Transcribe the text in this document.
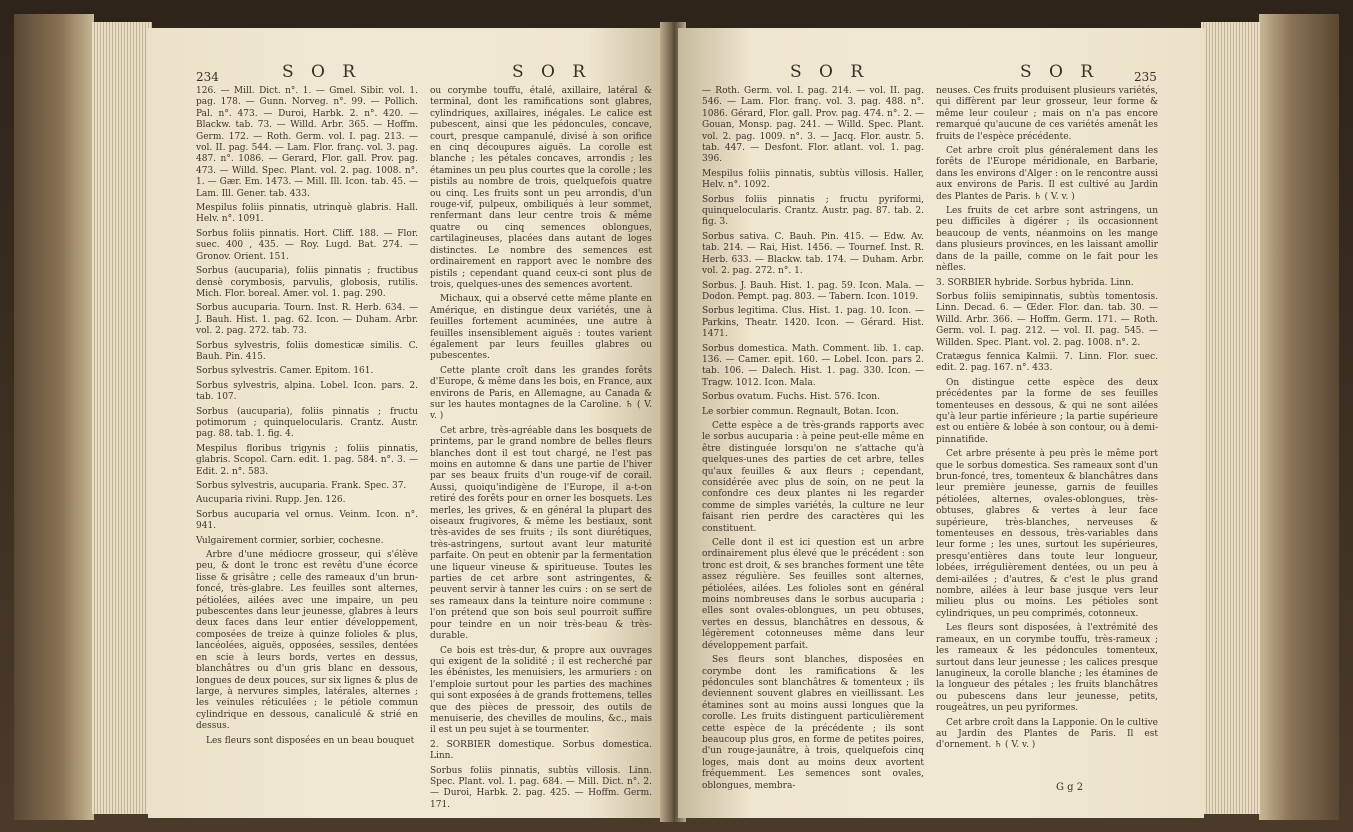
234	S O R	S O R

126. — Mill. Dict. n°. 1. — Gmel. Sibir. vol. 1. pag. 178. — Gunn. Norveg. n°. 99. — Pollich. Pal. n°. 473. — Duroi, Harbk. 2. n°. 420. — Blackw. tab. 73. — Willd. Arbr. 365. — Hoffm. Germ. 172. — Roth. Germ. vol. I. pag. 213. — vol. II. pag. 544. — Lam. Flor. franç. vol. 3. pag. 487. n°. 1086. — Gerard, Flor. gall. Prov. pag. 473. — Willd. Spec. Plant. vol. 2. pag. 1008. n°. 1. — Gær. Em. 1473. — Mill. Ill. Icon. tab. 45. — Lam. Ill. Gener. tab. 433.

Mespilus foliis pinnatis, utrinquè glabris. Hall. Helv. n°. 1091.

Sorbus foliis pinnatis. Hort. Cliff. 188. — Flor. suec. 400 , 435. — Roy. Lugd. Bat. 274. — Gronov. Orient. 151.

Sorbus (aucuparia), foliis pinnatis ; fructibus densè corymbosis, parvulis, globosis, rutilis. Mich. Flor. boreal. Amer. vol. 1. pag. 290.

Sorbus aucuparia. Tourn. Inst. R. Herb. 634. — J. Bauh. Hist. 1. pag. 62. Icon. — Duham. Arbr. vol. 2. pag. 272. tab. 73.

Sorbus sylvestris, foliis domesticæ similis. C. Bauh. Pin. 415.

Sorbus sylvestris. Camer. Epitom. 161.

Sorbus sylvestris, alpina. Lobel. Icon. pars. 2. tab. 107.

Sorbus (aucuparia), foliis pinnatis ; fructu potimorum ; quinquelocularis. Crantz. Austr. pag. 88. tab. 1. fig. 4.

Mespilus floribus trigynis ; foliis pinnatis, glabris. Scopol. Carn. edit. 1. pag. 584. n°. 3. — Edit. 2. n°. 583.

Sorbus sylvestris, aucuparia. Frank. Spec. 37.

Aucuparia rivini. Rupp. Jen. 126.

Sorbus aucuparia vel ornus. Veinm. Icon. n°. 941.

Vulgairement cormier, sorbier, cochesne.

Arbre d'une médiocre grosseur, qui s'élève peu, & dont le tronc est revêtu d'une écorce lisse & grisâtre ; celle des rameaux d'un brun-foncé, très-glabre. Les feuilles sont alternes, pétiolées, ailées avec une impaire, un peu pubescentes dans leur jeunesse, glabres à leurs deux faces dans leur entier développement, composées de treize à quinze folioles & plus, lancéolées, aiguës, opposées, sessiles, dentées en scie à leurs bords, vertes en dessus, blanchâtres ou d'un gris blanc en dessous, longues de deux pouces, sur six lignes & plus de large, à nervures simples, latérales, alternes ; les veinules réticulées ; le pétiole commun cylindrique en dessous, canaliculé & strié en dessus.

Les fleurs sont disposées en un beau bouquet

ou corymbe touffu, étalé, axillaire, latéral & terminal, dont les ramifications sont glabres, cylindriques, axillaires, inégales. Le calice est pubescent, ainsi que les pédoncules, concave, court, presque campanulé, divisé à son orifice en cinq découpures aiguës. La corolle est blanche ; les pétales concaves, arrondis ; les étamines un peu plus courtes que la corolle ; les pistils au nombre de trois, quelquefois quatre ou cinq. Les fruits sont un peu arrondis, d'un rouge-vif, pulpeux, ombiliqués à leur sommet, renfermant dans leur centre trois & même quatre ou cinq semences oblongues, cartilagineuses, placées dans autant de loges distinctes. Le nombre des semences est ordinairement en rapport avec le nombre des pistils ; cependant quand ceux-ci sont plus de trois, quelques-unes des semences avortent.

Michaux, qui a observé cette même plante en Amérique, en distingue deux variétés, une à feuilles fortement acuminées, une autre à feuilles insensiblement aiguës : toutes varient également par leurs feuilles glabres ou pubescentes.

Cette plante croît dans les grandes forêts d'Europe, & même dans les bois, en France, aux environs de Paris, en Allemagne, au Canada & sur les hautes montagnes de la Caroline. ♄ ( V. v. )

Cet arbre, très-agréable dans les bosquets de printems, par le grand nombre de belles fleurs blanches dont il est tout chargé, ne l'est pas moins en automne & dans une partie de l'hiver par ses beaux fruits d'un rouge-vif de corail. Aussi, quoiqu'indigène de l'Europe, il a-t-on retiré des forêts pour en orner les bosquets. Les merles, les grives, & en général la plupart des oiseaux frugivores, & même les bestiaux, sont très-avides de ses fruits ; ils sont diurétiques, très-astringens, surtout avant leur maturité parfaite. On peut en obtenir par la fermentation une liqueur vineuse & spiritueuse. Toutes les parties de cet arbre sont astringentes, & peuvent servir à tanner les cuirs : on se sert de ses rameaux dans la teinture noire commune : l'on prétend que son bois seul pourroit suffire pour teindre en un noir très-beau & très-durable.

Ce bois est très-dur, & propre aux ouvrages qui exigent de la solidité ; il est recherché par les ébénistes, les menuisiers, les armuriers : on l'emploie surtout pour les parties des machines qui sont exposées à de grands frottemens, telles que des pièces de pressoir, des outils de menuiserie, des chevilles de moulins, &c., mais il est un peu sujet à se tourmenter.

2. SORBIER domestique. Sorbus domestica. Linn.

Sorbus foliis pinnatis, subtùs villosis. Linn. Spec. Plant. vol. 1. pag. 684. — Mill. Dict. n°. 2. — Duroi, Harbk. 2. pag. 425. — Hoffm. Germ. 171.

S O R	S O R	235

— Roth. Germ. vol. I. pag. 214. — vol. II. pag. 546. — Lam. Flor. franç. vol. 3. pag. 488. n°. 1086. Gérard, Flor. gall. Prov. pag. 474. n°. 2. — Gouan, Monsp. pag. 241. — Willd. Spec. Plant. vol. 2. pag. 1009. n°. 3. — Jacq. Flor. austr. 5. tab. 447. — Desfont. Flor. atlant. vol. 1. pag. 396.

Mespilus foliis pinnatis, subtùs villosis. Haller, Helv. n°. 1092.

Sorbus foliis pinnatis ; fructu pyriformi, quinquelocularis. Crantz. Austr. pag. 87. tab. 2. fig. 3.

Sorbus sativa. C. Bauh. Pin. 415. — Edw. Av. tab. 214. — Rai, Hist. 1456. — Tournef. Inst. R. Herb. 633. — Blackw. tab. 174. — Duham. Arbr. vol. 2. pag. 272. n°. 1.

Sorbus. J. Bauh. Hist. 1. pag. 59. Icon. Mala. — Dodon. Pempt. pag. 803. — Tabern. Icon. 1019.

Sorbus legitima. Clus. Hist. 1. pag. 10. Icon. — Parkins, Theatr. 1420. Icon. — Gérard. Hist. 1471.

Sorbus domestica. Math. Comment. lib. 1. cap. 136. — Camer. epit. 160. — Lobel. Icon. pars 2. tab. 106. — Dalech. Hist. 1. pag. 330. Icon. — Tragw. 1012. Icon. Mala.

Sorbus ovatum. Fuchs. Hist. 576. Icon.

Le sorbier commun. Regnault, Botan. Icon.

Cette espèce a de très-grands rapports avec le sorbus aucuparia : à peine peut-elle même en être distinguée lorsqu'on ne s'attache qu'à quelques-unes des parties de cet arbre, telles qu'aux feuilles & aux fleurs ; cependant, considérée avec plus de soin, on ne peut la confondre ces deux plantes ni les regarder comme de simples variétés, la culture ne leur faisant rien perdre des caractères qui les constituent.

Celle dont il est ici question est un arbre ordinairement plus élevé que le précédent : son tronc est droit, & ses branches forment une tête assez régulière. Ses feuilles sont alternes, pétiolées, ailées. Les folioles sont en général moins nombreuses dans le sorbus aucuparia ; elles sont ovales-oblongues, un peu obtuses, vertes en dessus, blanchâtres en dessous, & légèrement cotonneuses même dans leur développement parfait.

Ses fleurs sont blanches, disposées en corymbe dont les ramifications & les pédoncules sont blanchâtres & tomenteux ; ils deviennent souvent glabres en vieillissant. Les étamines sont au moins aussi longues que la corolle. Les fruits distinguent particulièrement cette espèce de la précédente ; ils sont beaucoup plus gros, en forme de petites poires, d'un rouge-jaunâtre, à trois, quelquefois cinq loges, mais dont au moins deux avortent fréquemment. Les semences sont ovales, oblongues, membra-

neuses. Ces fruits produisent plusieurs variétés, qui diffèrent par leur grosseur, leur forme & même leur couleur ; mais on n'a pas encore remarqué qu'aucune de ces variétés amenât les fruits de l'espèce précédente.

Cet arbre croît plus généralement dans les forêts de l'Europe méridionale, en Barbarie, dans les environs d'Alger : on le rencontre aussi aux environs de Paris. Il est cultivé au Jardin des Plantes de Paris. ♄ ( V. v. )

Les fruits de cet arbre sont astringens, un peu difficiles à digérer ; ils occasionnent beaucoup de vents, néanmoins on les mange dans plusieurs provinces, en les laissant amollir dans de la paille, comme on le fait pour les nèfles.

3. SORBIER hybride. Sorbus hybrida. Linn.

Sorbus foliis semipinnatis, subtùs tomentosis. Linn. Decad. 6. — Œder. Flor. dan. tab. 30. — Willd. Arbr. 366. — Hoffm. Germ. 171. — Roth. Germ. vol. I. pag. 212. — vol. II. pag. 545. — Willden. Spec. Plant. vol. 2. pag. 1008. n°. 2.

Cratægus fennica Kalmii. 7. Linn. Flor. suec. edit. 2. pag. 167. n°. 433.

On distingue cette espèce des deux précédentes par la forme de ses feuilles tomenteuses en dessous, & qui ne sont ailées qu'à leur partie inférieure ; la partie supérieure est ou entière & lobée à son contour, ou à demi-pinnatifide.

Cet arbre présente à peu près le même port que le sorbus domestica. Ses rameaux sont d'un brun-foncé, tres, tomenteux & blanchâtres dans leur première jeunesse, garnis de feuilles pétiolées, alternes, ovales-oblongues, très-obtuses, glabres & vertes à leur face supérieure, très-blanches, nerveuses & tomenteuses en dessous, très-variables dans leur forme ; les unes, surtout les supérieures, presqu'entières dans toute leur longueur, lobées, irrégulièrement dentées, ou un peu à demi-ailées ; d'autres, & c'est le plus grand nombre, ailées à leur base jusque vers leur milieu plus ou moins. Les pétioles sont cylindriques, un peu comprimés, cotonneux.

Les fleurs sont disposées, à l'extrémité des rameaux, en un corymbe touffu, très-rameux ; les rameaux & les pédoncules tomenteux, surtout dans leur jeunesse ; les calices presque lanugineux, la corolle blanche ; les étamines de la longueur des pétales ; les fruits blanchâtres ou pubescens dans leur jeunesse, petits, rougeâtres, un peu pyriformes.

Cet arbre croît dans la Lapponie. On le cultive au Jardin des Plantes de Paris. Il est d'ornement. ♄ ( V. v. )

G g 2
